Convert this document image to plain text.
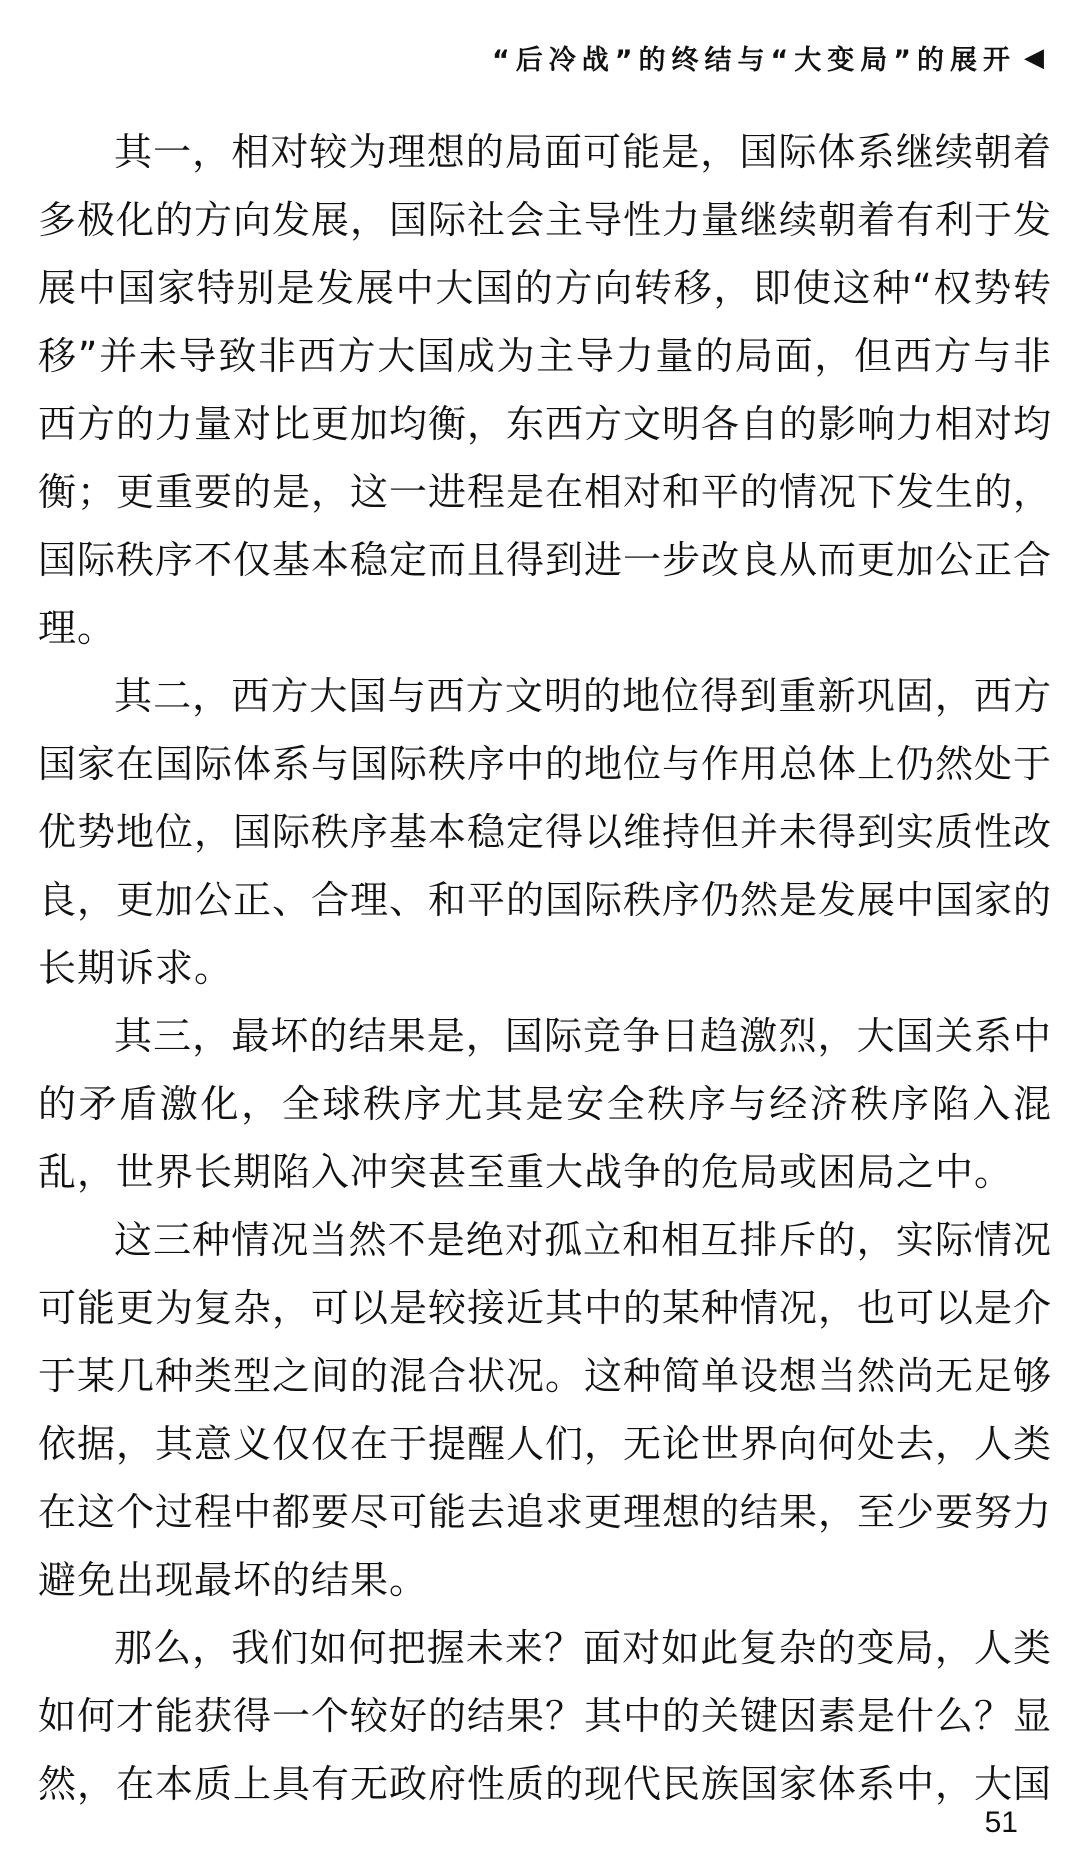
“后冷战”的终结与“大变局”的展开 ◀

其一，相对较为理想的局面可能是，国际体系继续朝着多极化的方向发展，国际社会主导性力量继续朝着有利于发展中国家特别是发展中大国的方向转移，即使这种“权势转移”并未导致非西方大国成为主导力量的局面，但西方与非西方的力量对比更加均衡，东西方文明各自的影响力相对均衡；更重要的是，这一进程是在相对和平的情况下发生的，国际秩序不仅基本稳定而且得到进一步改良从而更加公正合理。

其二，西方大国与西方文明的地位得到重新巩固，西方国家在国际体系与国际秩序中的地位与作用总体上仍然处于优势地位，国际秩序基本稳定得以维持但并未得到实质性改良，更加公正、合理、和平的国际秩序仍然是发展中国家的长期诉求。

其三，最坏的结果是，国际竞争日趋激烈，大国关系中的矛盾激化，全球秩序尤其是安全秩序与经济秩序陷入混乱，世界长期陷入冲突甚至重大战争的危局或困局之中。

这三种情况当然不是绝对孤立和相互排斥的，实际情况可能更为复杂，可以是较接近其中的某种情况，也可以是介于某几种类型之间的混合状况。这种简单设想当然尚无足够依据，其意义仅仅在于提醒人们，无论世界向何处去，人类在这个过程中都要尽可能去追求更理想的结果，至少要努力避免出现最坏的结果。

那么，我们如何把握未来？面对如此复杂的变局，人类如何才能获得一个较好的结果？其中的关键因素是什么？显然，在本质上具有无政府性质的现代民族国家体系中，大国

51
